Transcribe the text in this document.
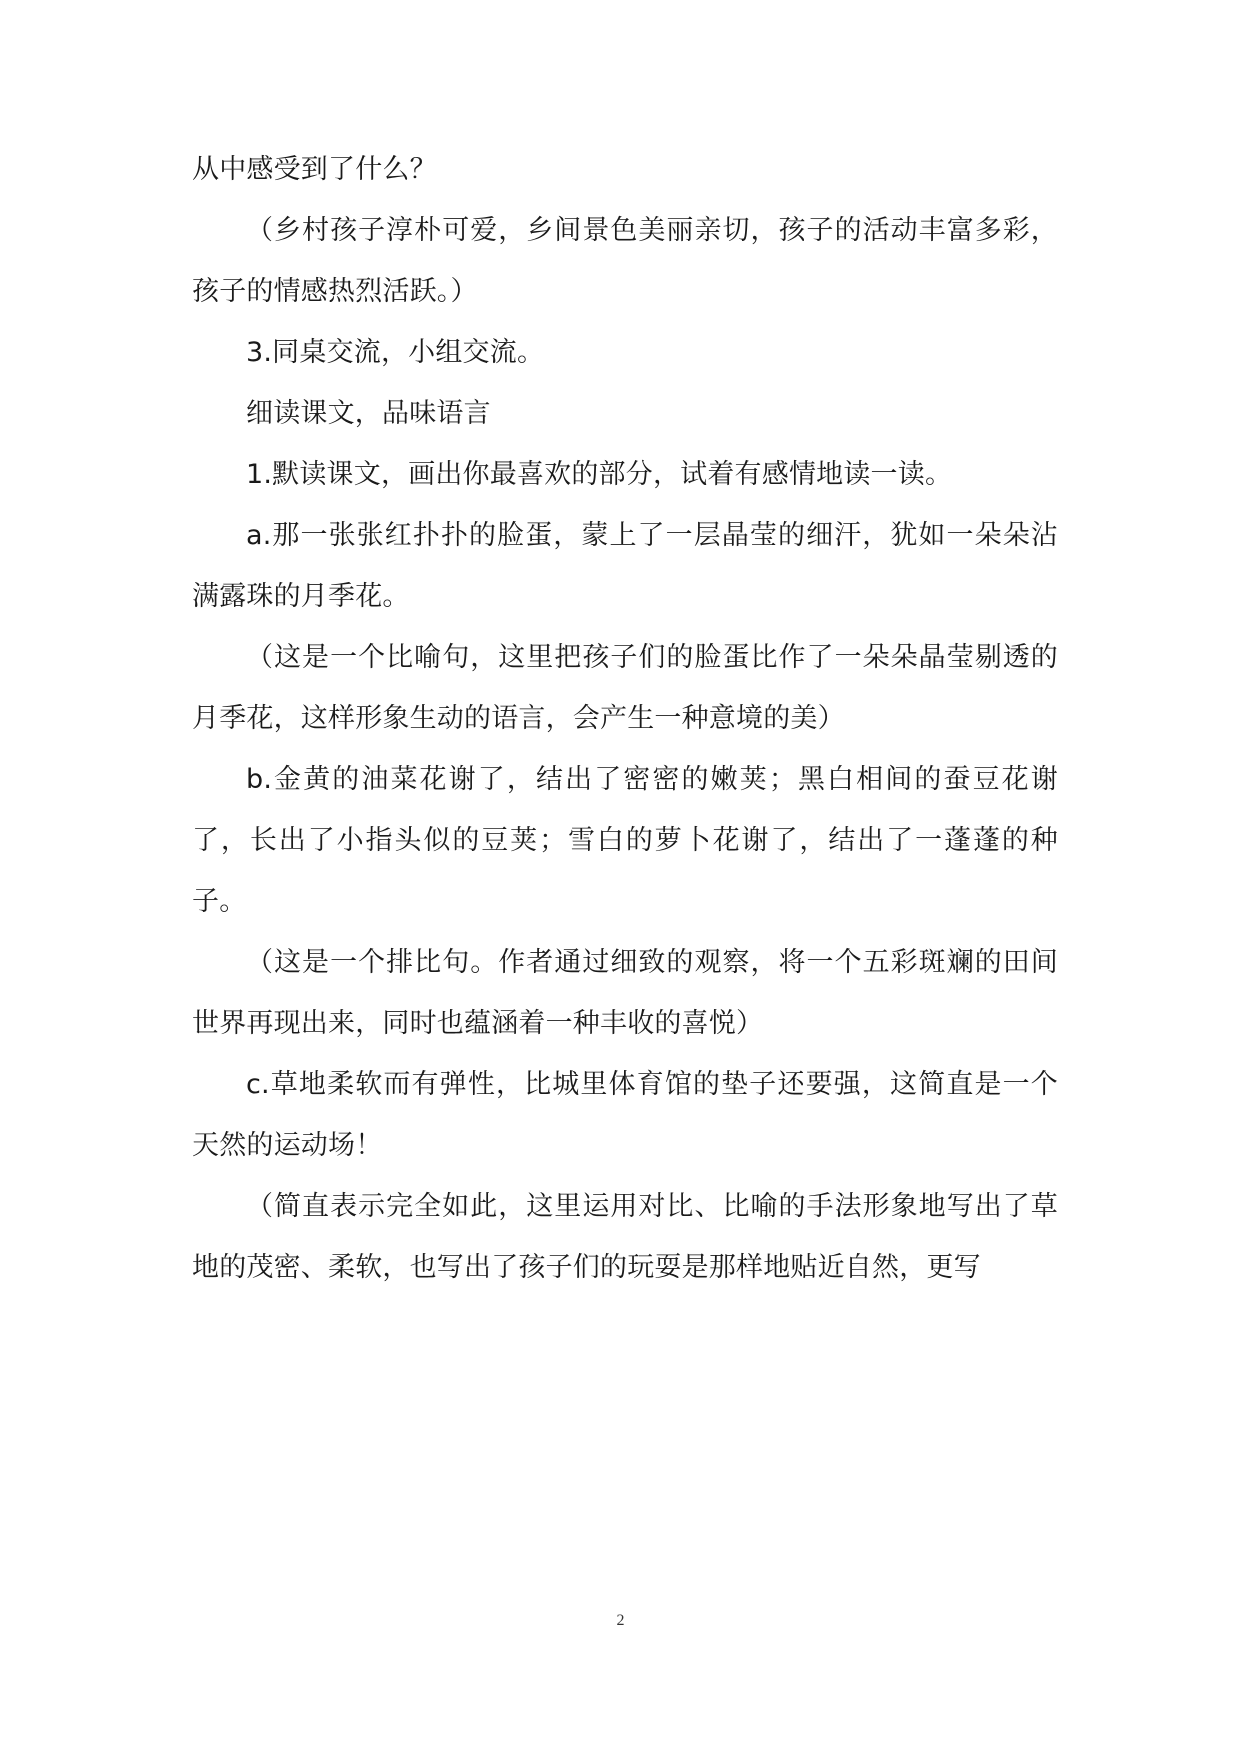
从中感受到了什么？

（乡村孩子淳朴可爱，乡间景色美丽亲切，孩子的活动丰富多彩，孩子的情感热烈活跃。）

3.同桌交流，小组交流。

细读课文，品味语言

1.默读课文，画出你最喜欢的部分，试着有感情地读一读。

a.那一张张红扑扑的脸蛋，蒙上了一层晶莹的细汗，犹如一朵朵沾满露珠的月季花。

（这是一个比喻句，这里把孩子们的脸蛋比作了一朵朵晶莹剔透的月季花，这样形象生动的语言，会产生一种意境的美）

b.金黄的油菜花谢了，结出了密密的嫩荚；黑白相间的蚕豆花谢了，长出了小指头似的豆荚；雪白的萝卜花谢了，结出了一蓬蓬的种子。

（这是一个排比句。作者通过细致的观察，将一个五彩斑斓的田间世界再现出来，同时也蕴涵着一种丰收的喜悦）

c.草地柔软而有弹性，比城里体育馆的垫子还要强，这简直是一个天然的运动场！

（简直表示完全如此，这里运用对比、比喻的手法形象地写出了草地的茂密、柔软，也写出了孩子们的玩耍是那样地贴近自然，更写

2
